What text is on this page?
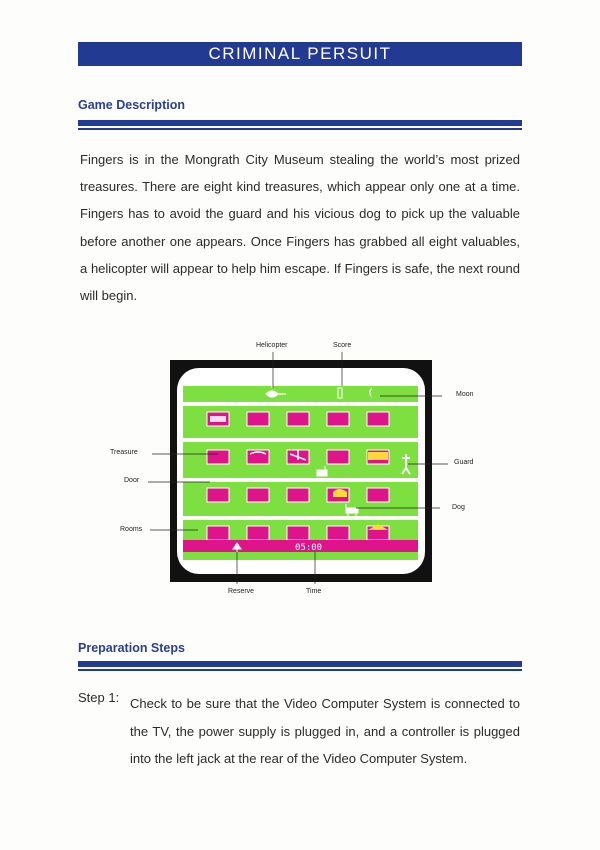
CRIMINAL PERSUIT
Game Description

Fingers is in the Mongrath City Museum stealing the world’s most prized treasures. There are eight kind treasures, which appear only one at a time. Fingers has to avoid the guard and his vicious dog to pick up the valuable before another one appears. Once Fingers has grabbed all eight valuables, a helicopter will appear to help him escape. If Fingers is safe, the next round will begin.

05:00
Helicopter	Score
Moon
Treasure
Guard
Door
Dog
Rooms
Reserve	Time
Preparation Steps
Step 1: Check to be sure that the Video Computer System is connected to the TV, the power supply is plugged in, and a controller is plugged into the left jack at the rear of the Video Computer System.
